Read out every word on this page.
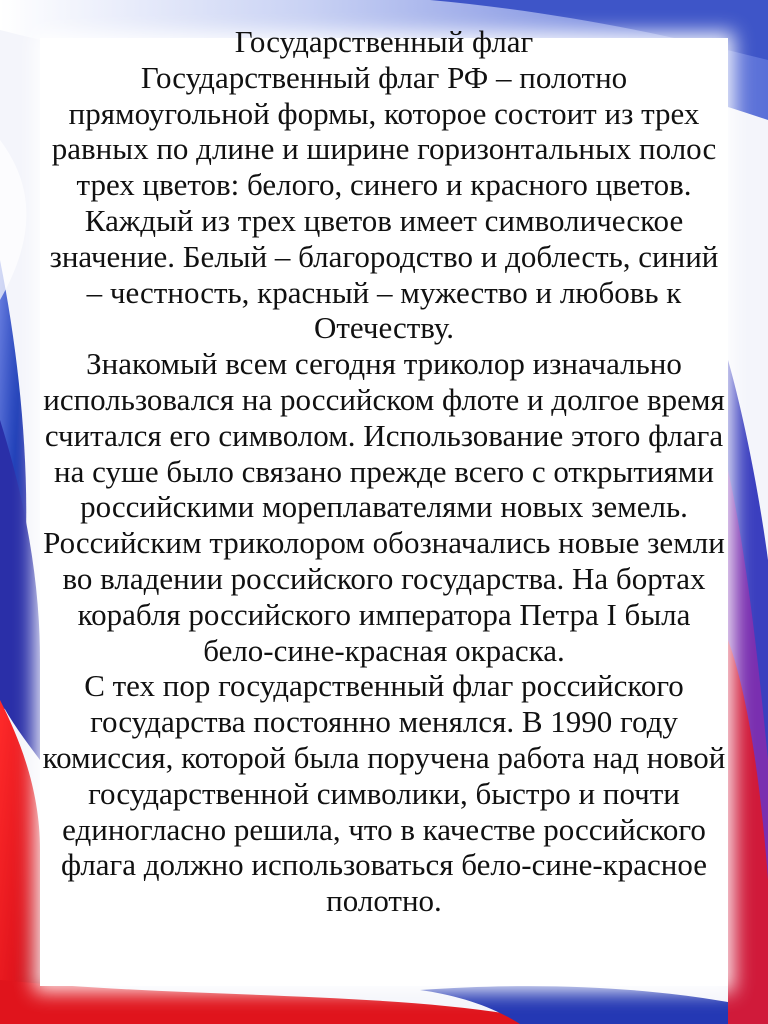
Государственный флаг

Государственный флаг РФ – полотно прямоугольной формы, которое состоит из трех равных по длине и ширине горизонтальных полос трех цветов: белого, синего и красного цветов.

Каждый из трех цветов имеет символическое значение. Белый – благородство и доблесть, синий – честность, красный – мужество и любовь к Отечеству.

Знакомый всем сегодня триколор изначально использовался на российском флоте и долгое время считался его символом. Использование этого флага на суше было связано прежде всего с открытиями российскими мореплавателями новых земель. Российским триколором обозначались новые земли во владении российского государства. На бортах корабля российского императора Петра I была бело-сине-красная окраска.

С тех пор государственный флаг российского государства постоянно менялся. В 1990 году комиссия, которой была поручена работа над новой государственной символики, быстро и почти единогласно решила, что в качестве российского флага должно использоваться бело-сине-красное полотно.
